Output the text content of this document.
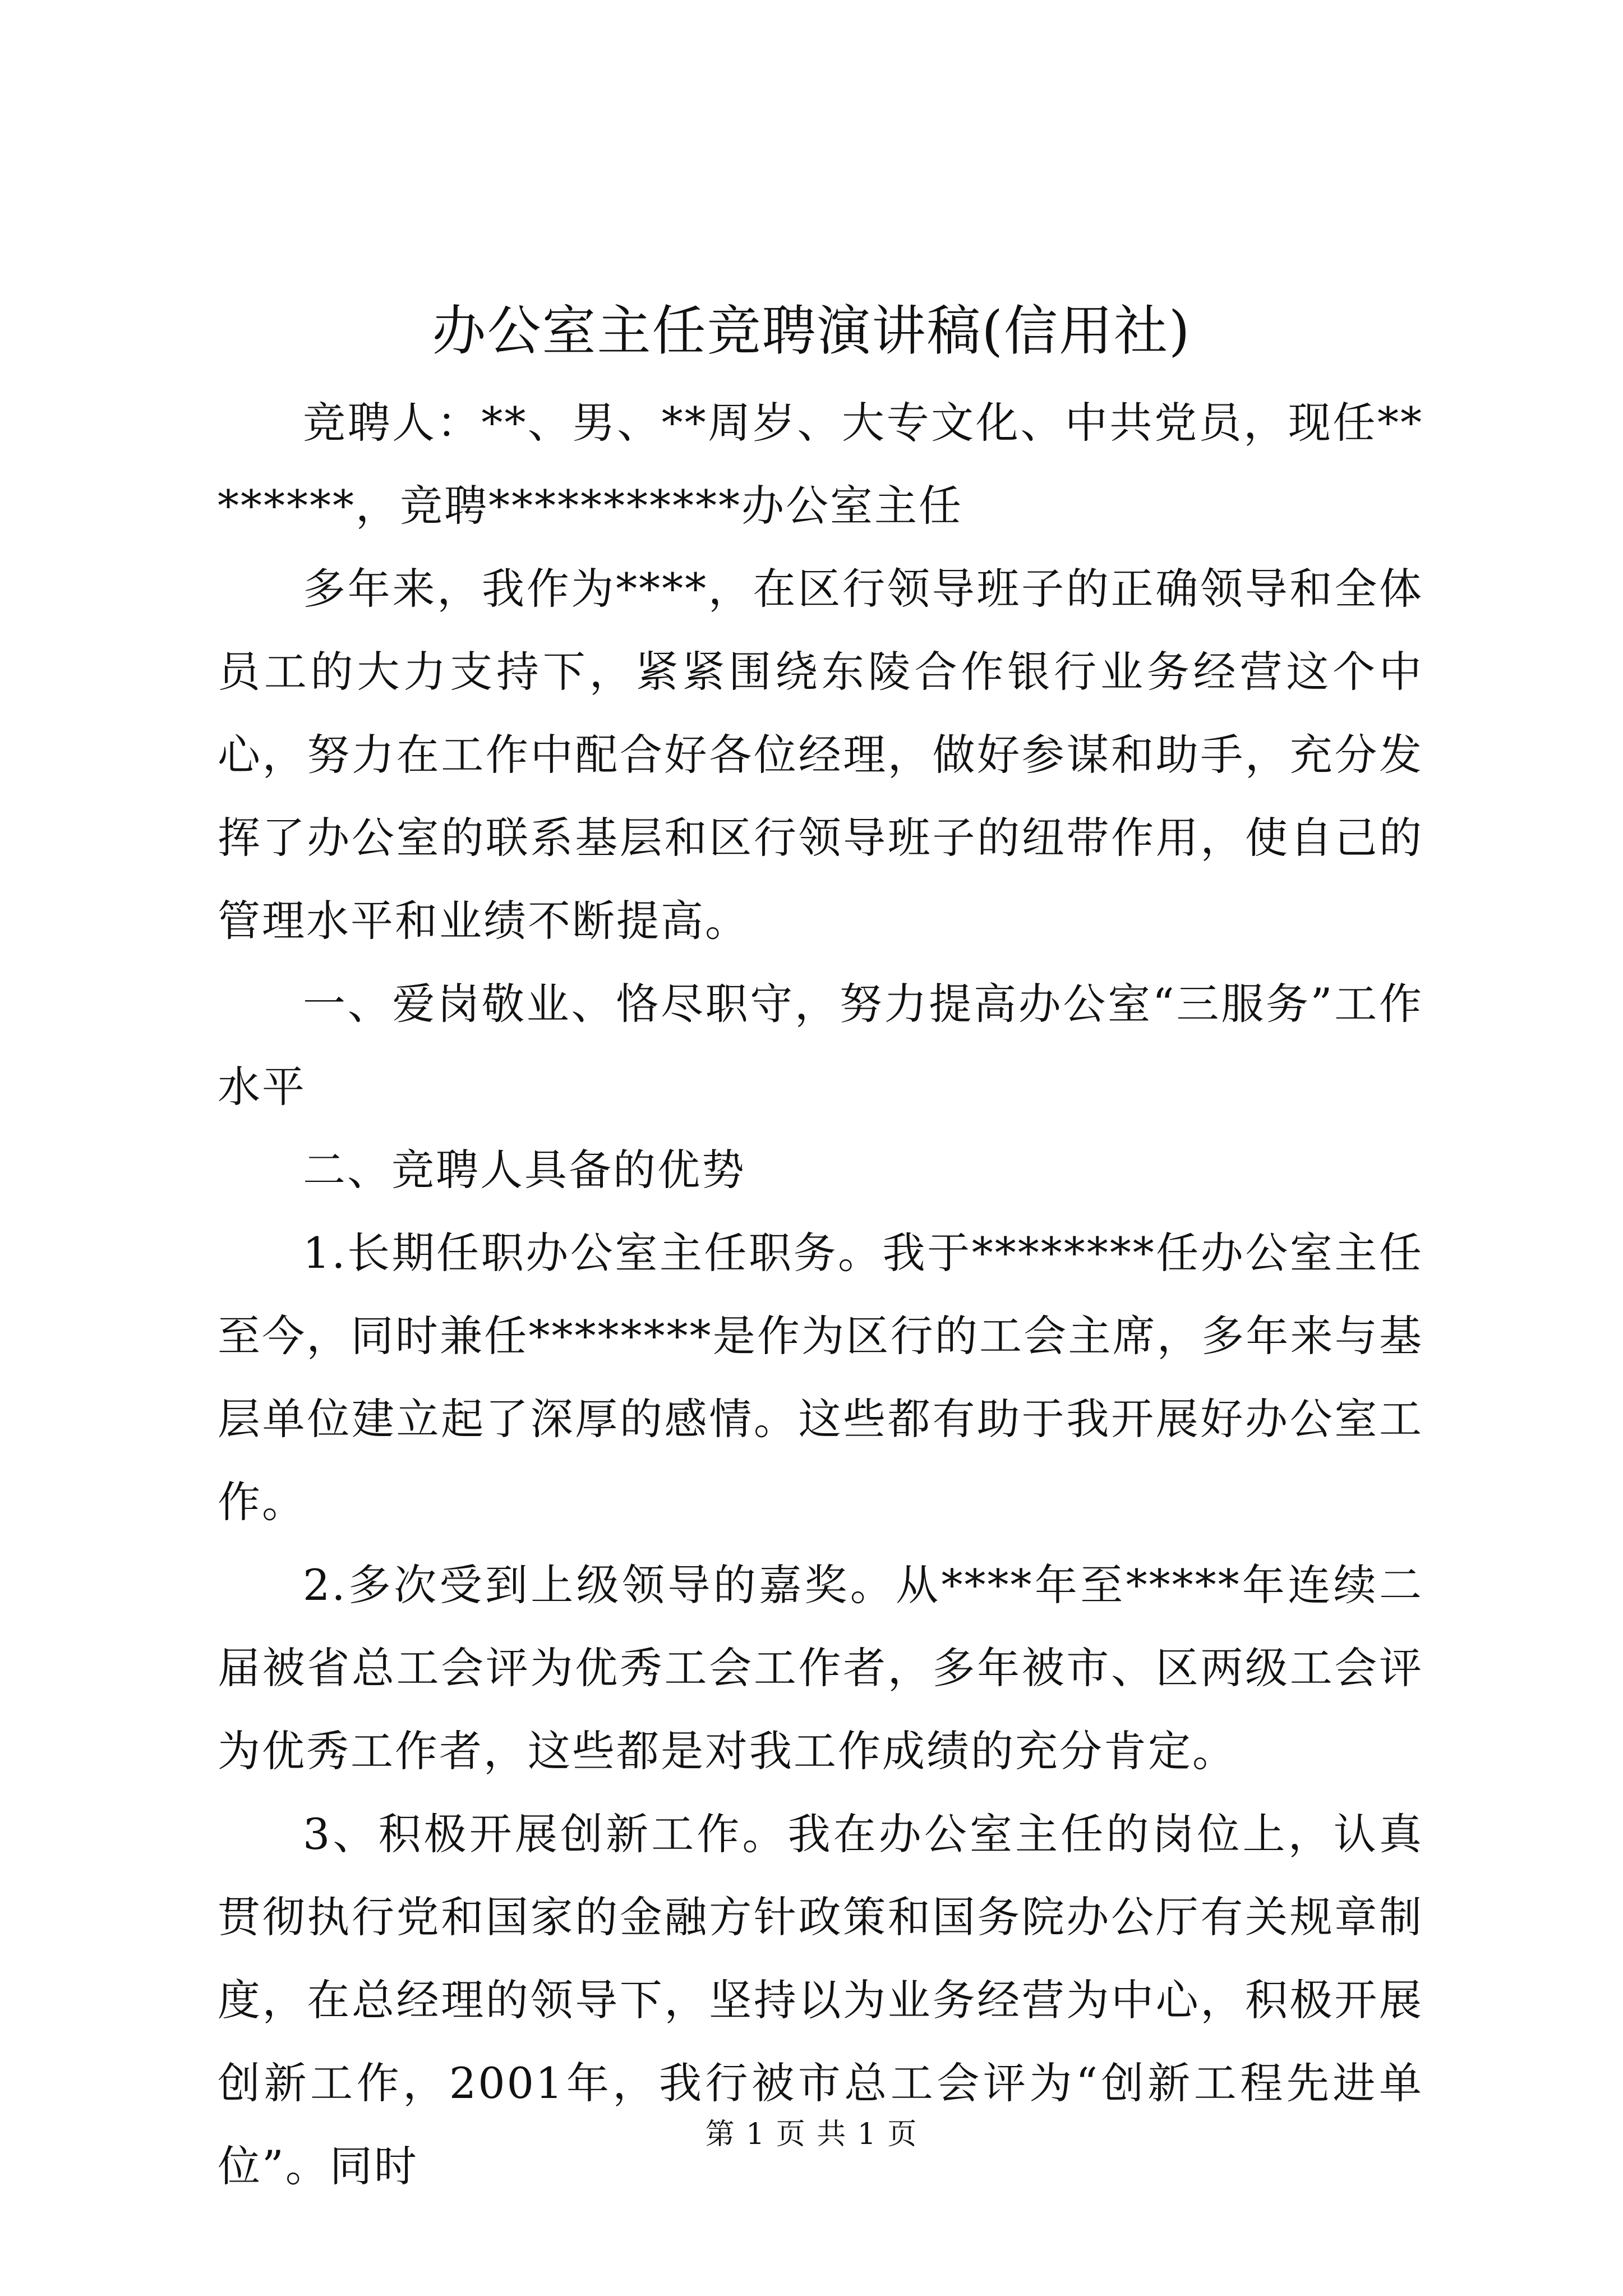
办公室主任竞聘演讲稿(信用社)

竞聘人：**、男、**周岁、大专文化、中共党员，现任********，竞聘***********办公室主任

多年来，我作为****，在区行领导班子的正确领导和全体员工的大力支持下，紧紧围绕东陵合作银行业务经营这个中心，努力在工作中配合好各位经理，做好参谋和助手，充分发挥了办公室的联系基层和区行领导班子的纽带作用，使自己的管理水平和业绩不断提高。

一、爱岗敬业、恪尽职守，努力提高办公室“三服务”工作水平

二、竞聘人具备的优势

1.长期任职办公室主任职务。我于********任办公室主任至今，同时兼任********是作为区行的工会主席，多年来与基层单位建立起了深厚的感情。这些都有助于我开展好办公室工作。

2.多次受到上级领导的嘉奖。从****年至*****年连续二届被省总工会评为优秀工会工作者，多年被市、区两级工会评为优秀工作者，这些都是对我工作成绩的充分肯定。

3、积极开展创新工作。我在办公室主任的岗位上，认真贯彻执行党和国家的金融方针政策和国务院办公厅有关规章制度，在总经理的领导下，坚持以为业务经营为中心，积极开展创新工作，2001年，我行被市总工会评为“创新工程先进单位”。同时

第 1 页 共 1 页
